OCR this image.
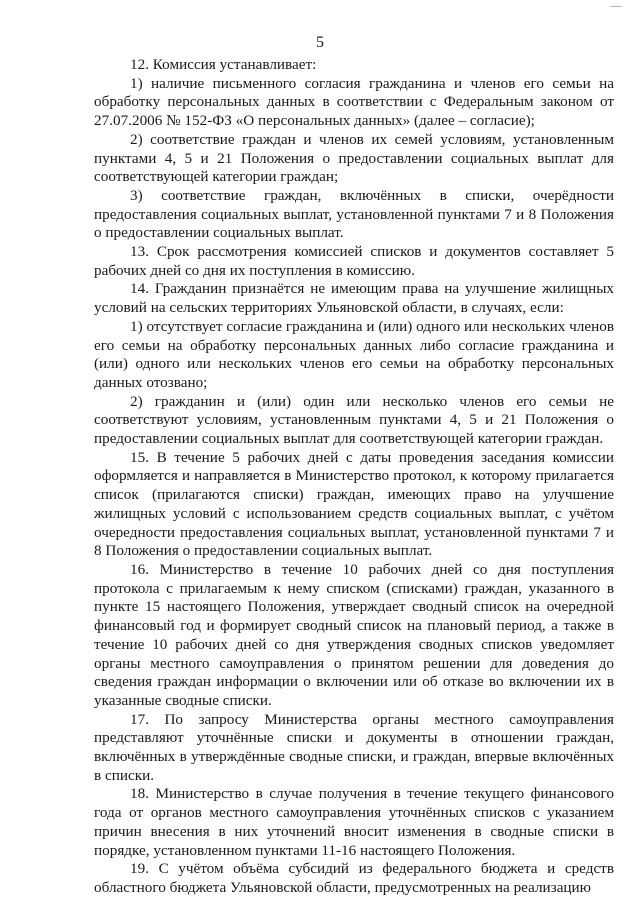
5

12. Комиссия устанавливает:

1) наличие письменного согласия гражданина и членов его семьи на обработку персональных данных в соответствии с Федеральным законом от 27.07.2006 № 152-ФЗ «О персональных данных» (далее – согласие);

2) соответствие граждан и членов их семей условиям, установленным пунктами 4, 5 и 21 Положения о предоставлении социальных выплат для соответствующей категории граждан;

3) соответствие граждан, включённых в списки, очерёдности предоставления социальных выплат, установленной пунктами 7 и 8 Положения о предоставлении социальных выплат.

13. Срок рассмотрения комиссией списков и документов составляет 5 рабочих дней со дня их поступления в комиссию.

14. Гражданин признаётся не имеющим права на улучшение жилищных условий на сельских территориях Ульяновской области, в случаях, если:

1) отсутствует согласие гражданина и (или) одного или нескольких членов его семьи на обработку персональных данных либо согласие гражданина и (или) одного или нескольких членов его семьи на обработку персональных данных отозвано;

2) гражданин и (или) один или несколько членов его семьи не соответствуют условиям, установленным пунктами 4, 5 и 21 Положения о предоставлении социальных выплат для соответствующей категории граждан.

15. В течение 5 рабочих дней с даты проведения заседания комиссии оформляется и направляется в Министерство протокол, к которому прилагается список (прилагаются списки) граждан, имеющих право на улучшение жилищных условий с использованием средств социальных выплат, с учётом очередности предоставления социальных выплат, установленной пунктами 7 и 8 Положения о предоставлении социальных выплат.

16. Министерство в течение 10 рабочих дней со дня поступления протокола с прилагаемым к нему списком (списками) граждан, указанного в пункте 15 настоящего Положения, утверждает сводный список на очередной финансовый год и формирует сводный список на плановый период, а также в течение 10 рабочих дней со дня утверждения сводных списков уведомляет органы местного самоуправления о принятом решении для доведения до сведения граждан информации о включении или об отказе во включении их в указанные сводные списки.

17. По запросу Министерства органы местного самоуправления представляют уточнённые списки и документы в отношении граждан, включённых в утверждённые сводные списки, и граждан, впервые включённых в списки.

18. Министерство в случае получения в течение текущего финансового года от органов местного самоуправления уточнённых списков с указанием причин внесения в них уточнений вносит изменения в сводные списки в порядке, установленном пунктами 11-16 настоящего Положения.

19. С учётом объёма субсидий из федерального бюджета и средств областного бюджета Ульяновской области, предусмотренных на реализацию
